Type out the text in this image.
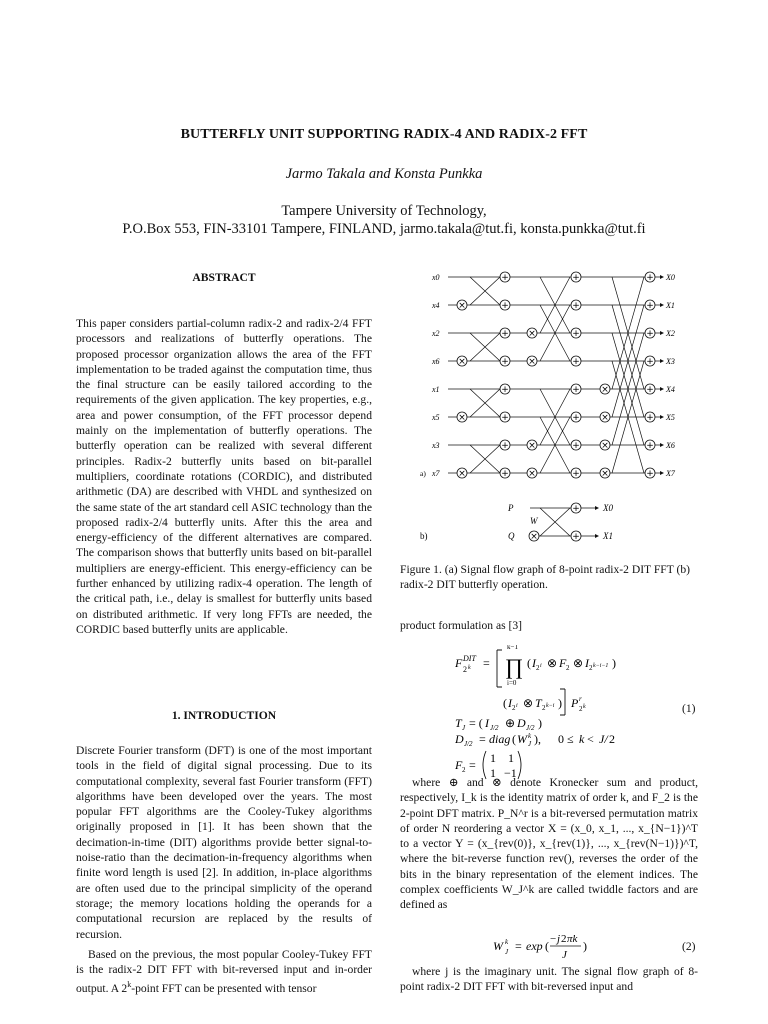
BUTTERFLY UNIT SUPPORTING RADIX-4 AND RADIX-2 FFT
Jarmo Takala and Konsta Punkka
Tampere University of Technology,
P.O.Box 553, FIN-33101 Tampere, FINLAND, jarmo.takala@tut.fi, konsta.punkka@tut.fi
ABSTRACT

This paper considers partial-column radix-2 and radix-2/4 FFT processors and realizations of butterfly operations. The proposed processor organization allows the area of the FFT implementation to be traded against the computation time, thus the final structure can be easily tailored according to the requirements of the given application. The key properties, e.g., area and power consumption, of the FFT processor depend mainly on the implementation of butterfly operations. The butterfly operation can be realized with several different principles. Radix-2 butterfly units based on bit-parallel multipliers, coordinate rotations (CORDIC), and distributed arithmetic (DA) are described with VHDL and synthesized on the same state of the art standard cell ASIC technology than the proposed radix-2/4 butterfly units. After this the area and energy-efficiency of the different alternatives are compared. The comparison shows that butterfly units based on bit-parallel multipliers are energy-efficient. This energy-efficiency can be further enhanced by utilizing radix-4 operation. The length of the critical path, i.e., delay is smallest for butterfly units based on distributed arithmetic. If very long FFTs are needed, the CORDIC based butterfly units are applicable.

1. INTRODUCTION

Discrete Fourier transform (DFT) is one of the most important tools in the field of digital signal processing. Due to its computational complexity, several fast Fourier transform (FFT) algorithms have been developed over the years. The most popular FFT algorithms are the Cooley-Tukey algorithms originally proposed in [1]. It has been shown that the decimation-in-time (DIT) algorithms provide better signal-to-noise-ratio than the decimation-in-frequency algorithms when finite word length is used [2]. In addition, in-place algorithms are often used due to the principal simplicity of the operand storage; the memory locations holding the operands for a computational recursion are replaced by the results of recursion.

Based on the previous, the most popular Cooley-Tukey FFT is the radix-2 DIT FFT with bit-reversed input and in-order output. A 2$^k$-point FFT can be presented with tensor

x0	X0
x4	X1
x2	X2
x6	X3
x1	X4
x5	X5
x3	X6
x7	X7
×
+
+
×
+
+
×
+
+
×
+
+
×
+
+
×
+
+
×
+
+
×
+
+
×
+
+
×
+
+
×
+
+
×
+
+
a)
×
+
+
P
Q
W
X0
X1
b)
Figure 1. (a) Signal flow graph of 8-point radix-2 DIT FFT (b) radix-2 DIT butterfly operation.
product formulation as [3]
F DIT
2 k =
k−1
∏
i=0
( I 2 i ⊗ F 2 ⊗ I 2 k−i−1 )
( I 2 i ⊗ T 2 k−i ) P r
2 k
T J = ( I J/2 ⊕ D J/2 )
D J/2 = diag ( W k
J ), 0 ≤ k < J/ 2
F 2 = 1 1
1 −1
(1)

where ⊕ and ⊗ denote Kronecker sum and product, respectively, I_k is the identity matrix of order k, and F_2 is the 2-point DFT matrix. P_N^r is a bit-reversed permutation matrix of order N reordering a vector X = (x_0, x_1, ..., x_{N−1})^T to a vector Y = (x_{rev(0)}, x_{rev(1)}, ..., x_{rev(N−1)})^T, where the bit-reverse function rev(), reverses the order of the bits in the binary representation of the element indices. The complex coefficients W_J^k are called twiddle factors and are defined as

W k
J = exp ( − j 2 πk
J
)	(2)

where j is the imaginary unit. The signal flow graph of 8-point radix-2 DIT FFT with bit-reversed input and
